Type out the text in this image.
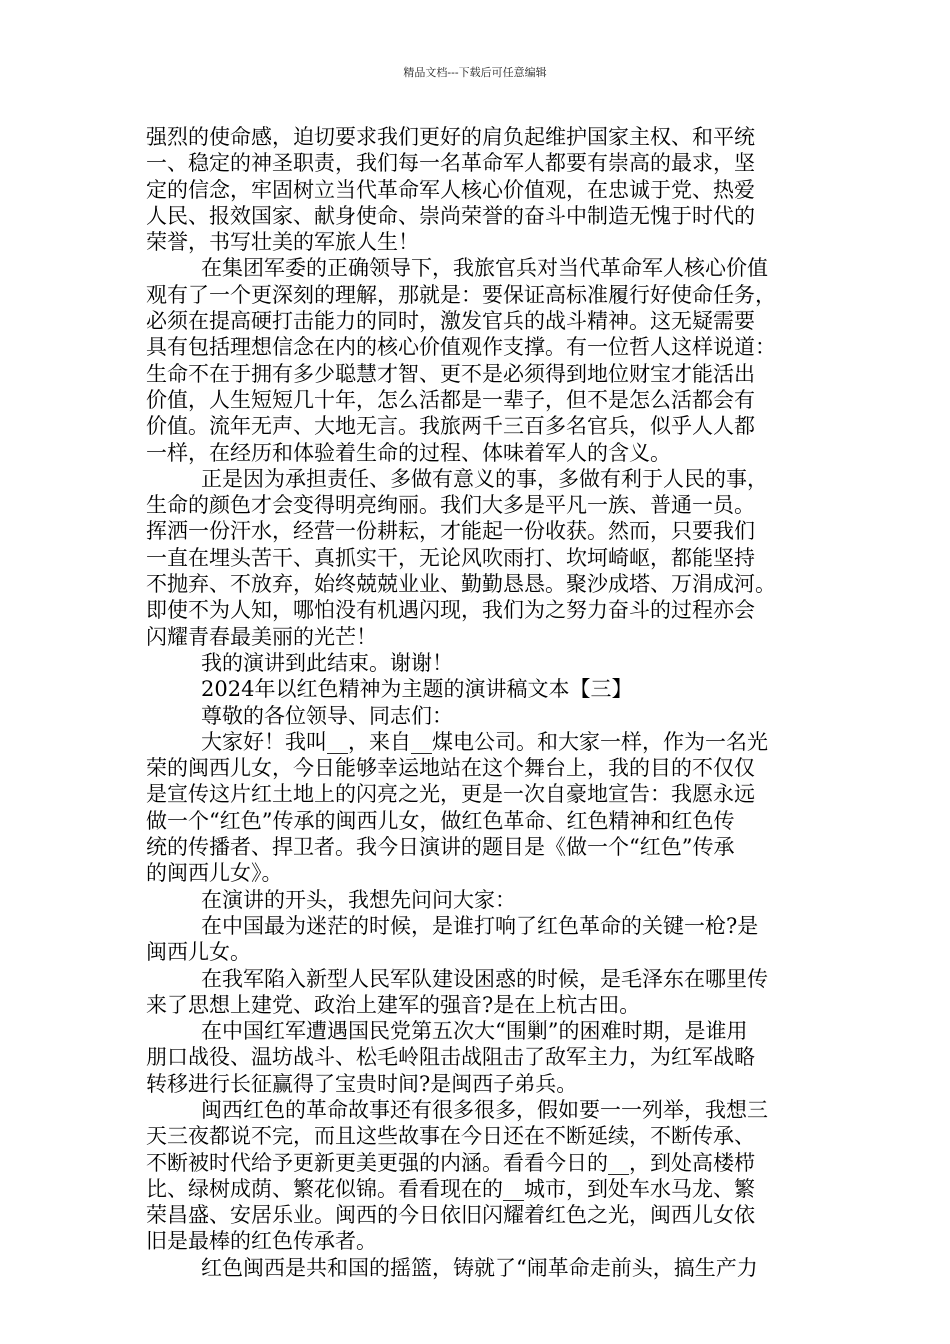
精品文档---下载后可任意编辑
强烈的使命感，迫切要求我们更好的肩负起维护国家主权、和平统
一、稳定的神圣职责，我们每一名革命军人都要有崇高的最求，坚
定的信念，牢固树立当代革命军人核心价值观，在忠诚于党、热爱
人民、报效国家、献身使命、崇尚荣誉的奋斗中制造无愧于时代的
荣誉，书写壮美的军旅人生！
在集团军委的正确领导下，我旅官兵对当代革命军人核心价值
观有了一个更深刻的理解，那就是：要保证高标准履行好使命任务，
必须在提高硬打击能力的同时，激发官兵的战斗精神。这无疑需要
具有包括理想信念在内的核心价值观作支撑。有一位哲人这样说道：
生命不在于拥有多少聪慧才智、更不是必须得到地位财宝才能活出
价值，人生短短几十年，怎么活都是一辈子，但不是怎么活都会有
价值。流年无声、大地无言。我旅两千三百多名官兵，似乎人人都
一样，在经历和体验着生命的过程、体味着军人的含义。
正是因为承担责任、多做有意义的事，多做有利于人民的事，
生命的颜色才会变得明亮绚丽。我们大多是平凡一族、普通一员。
挥洒一份汗水，经营一份耕耘，才能起一份收获。然而，只要我们
一直在埋头苦干、真抓实干，无论风吹雨打、坎坷崎岖，都能坚持
不抛弃、不放弃，始终兢兢业业、勤勤恳恳。聚沙成塔、万涓成河。
即使不为人知，哪怕没有机遇闪现，我们为之努力奋斗的过程亦会
闪耀青春最美丽的光芒！
我的演讲到此结束。谢谢！
2024年以红色精神为主题的演讲稿文本【三】
尊敬的各位领导、同志们：
大家好！我叫__，来自__煤电公司。和大家一样，作为一名光
荣的闽西儿女，今日能够幸运地站在这个舞台上，我的目的不仅仅
是宣传这片红土地上的闪亮之光，更是一次自豪地宣告：我愿永远
做一个“红色”传承的闽西儿女，做红色革命、红色精神和红色传
统的传播者、捍卫者。我今日演讲的题目是《做一个“红色”传承
的闽西儿女》。
在演讲的开头，我想先问问大家：
在中国最为迷茫的时候，是谁打响了红色革命的关键一枪?是
闽西儿女。
在我军陷入新型人民军队建设困惑的时候，是毛泽东在哪里传
来了思想上建党、政治上建军的强音?是在上杭古田。
在中国红军遭遇国民党第五次大“围剿”的困难时期，是谁用
朋口战役、温坊战斗、松毛岭阻击战阻击了敌军主力，为红军战略
转移进行长征赢得了宝贵时间?是闽西子弟兵。
闽西红色的革命故事还有很多很多，假如要一一列举，我想三
天三夜都说不完，而且这些故事在今日还在不断延续，不断传承、
不断被时代给予更新更美更强的内涵。看看今日的__，到处高楼栉
比、绿树成荫、繁花似锦。看看现在的__城市，到处车水马龙、繁
荣昌盛、安居乐业。闽西的今日依旧闪耀着红色之光，闽西儿女依
旧是最棒的红色传承者。
红色闽西是共和国的摇篮，铸就了“闹革命走前头，搞生产力
